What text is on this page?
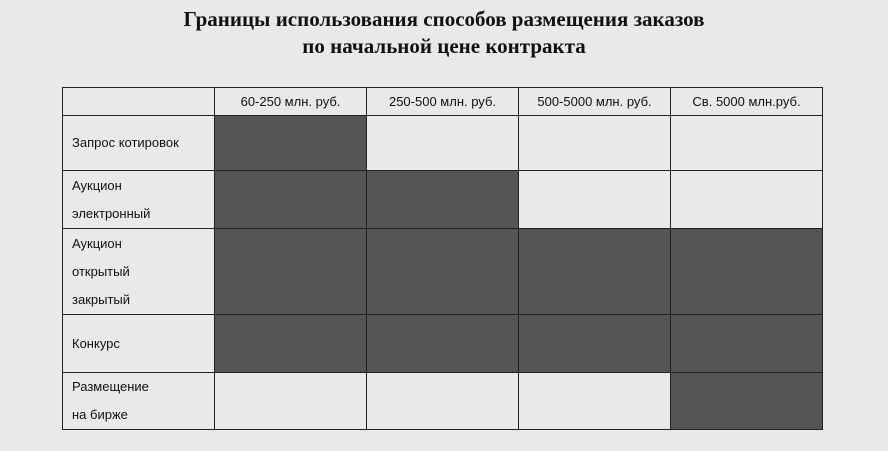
Границы использования способов размещения заказов
по начальной цене контракта
	60-250 млн. руб.	250-500 млн. руб.	500-5000 млн. руб.	Св. 5000 млн.руб.

Запрос котировок				

Аукцион
электронный				

Аукцион
открытый
закрытый				

Конкурс				

Размещение
на бирже				
